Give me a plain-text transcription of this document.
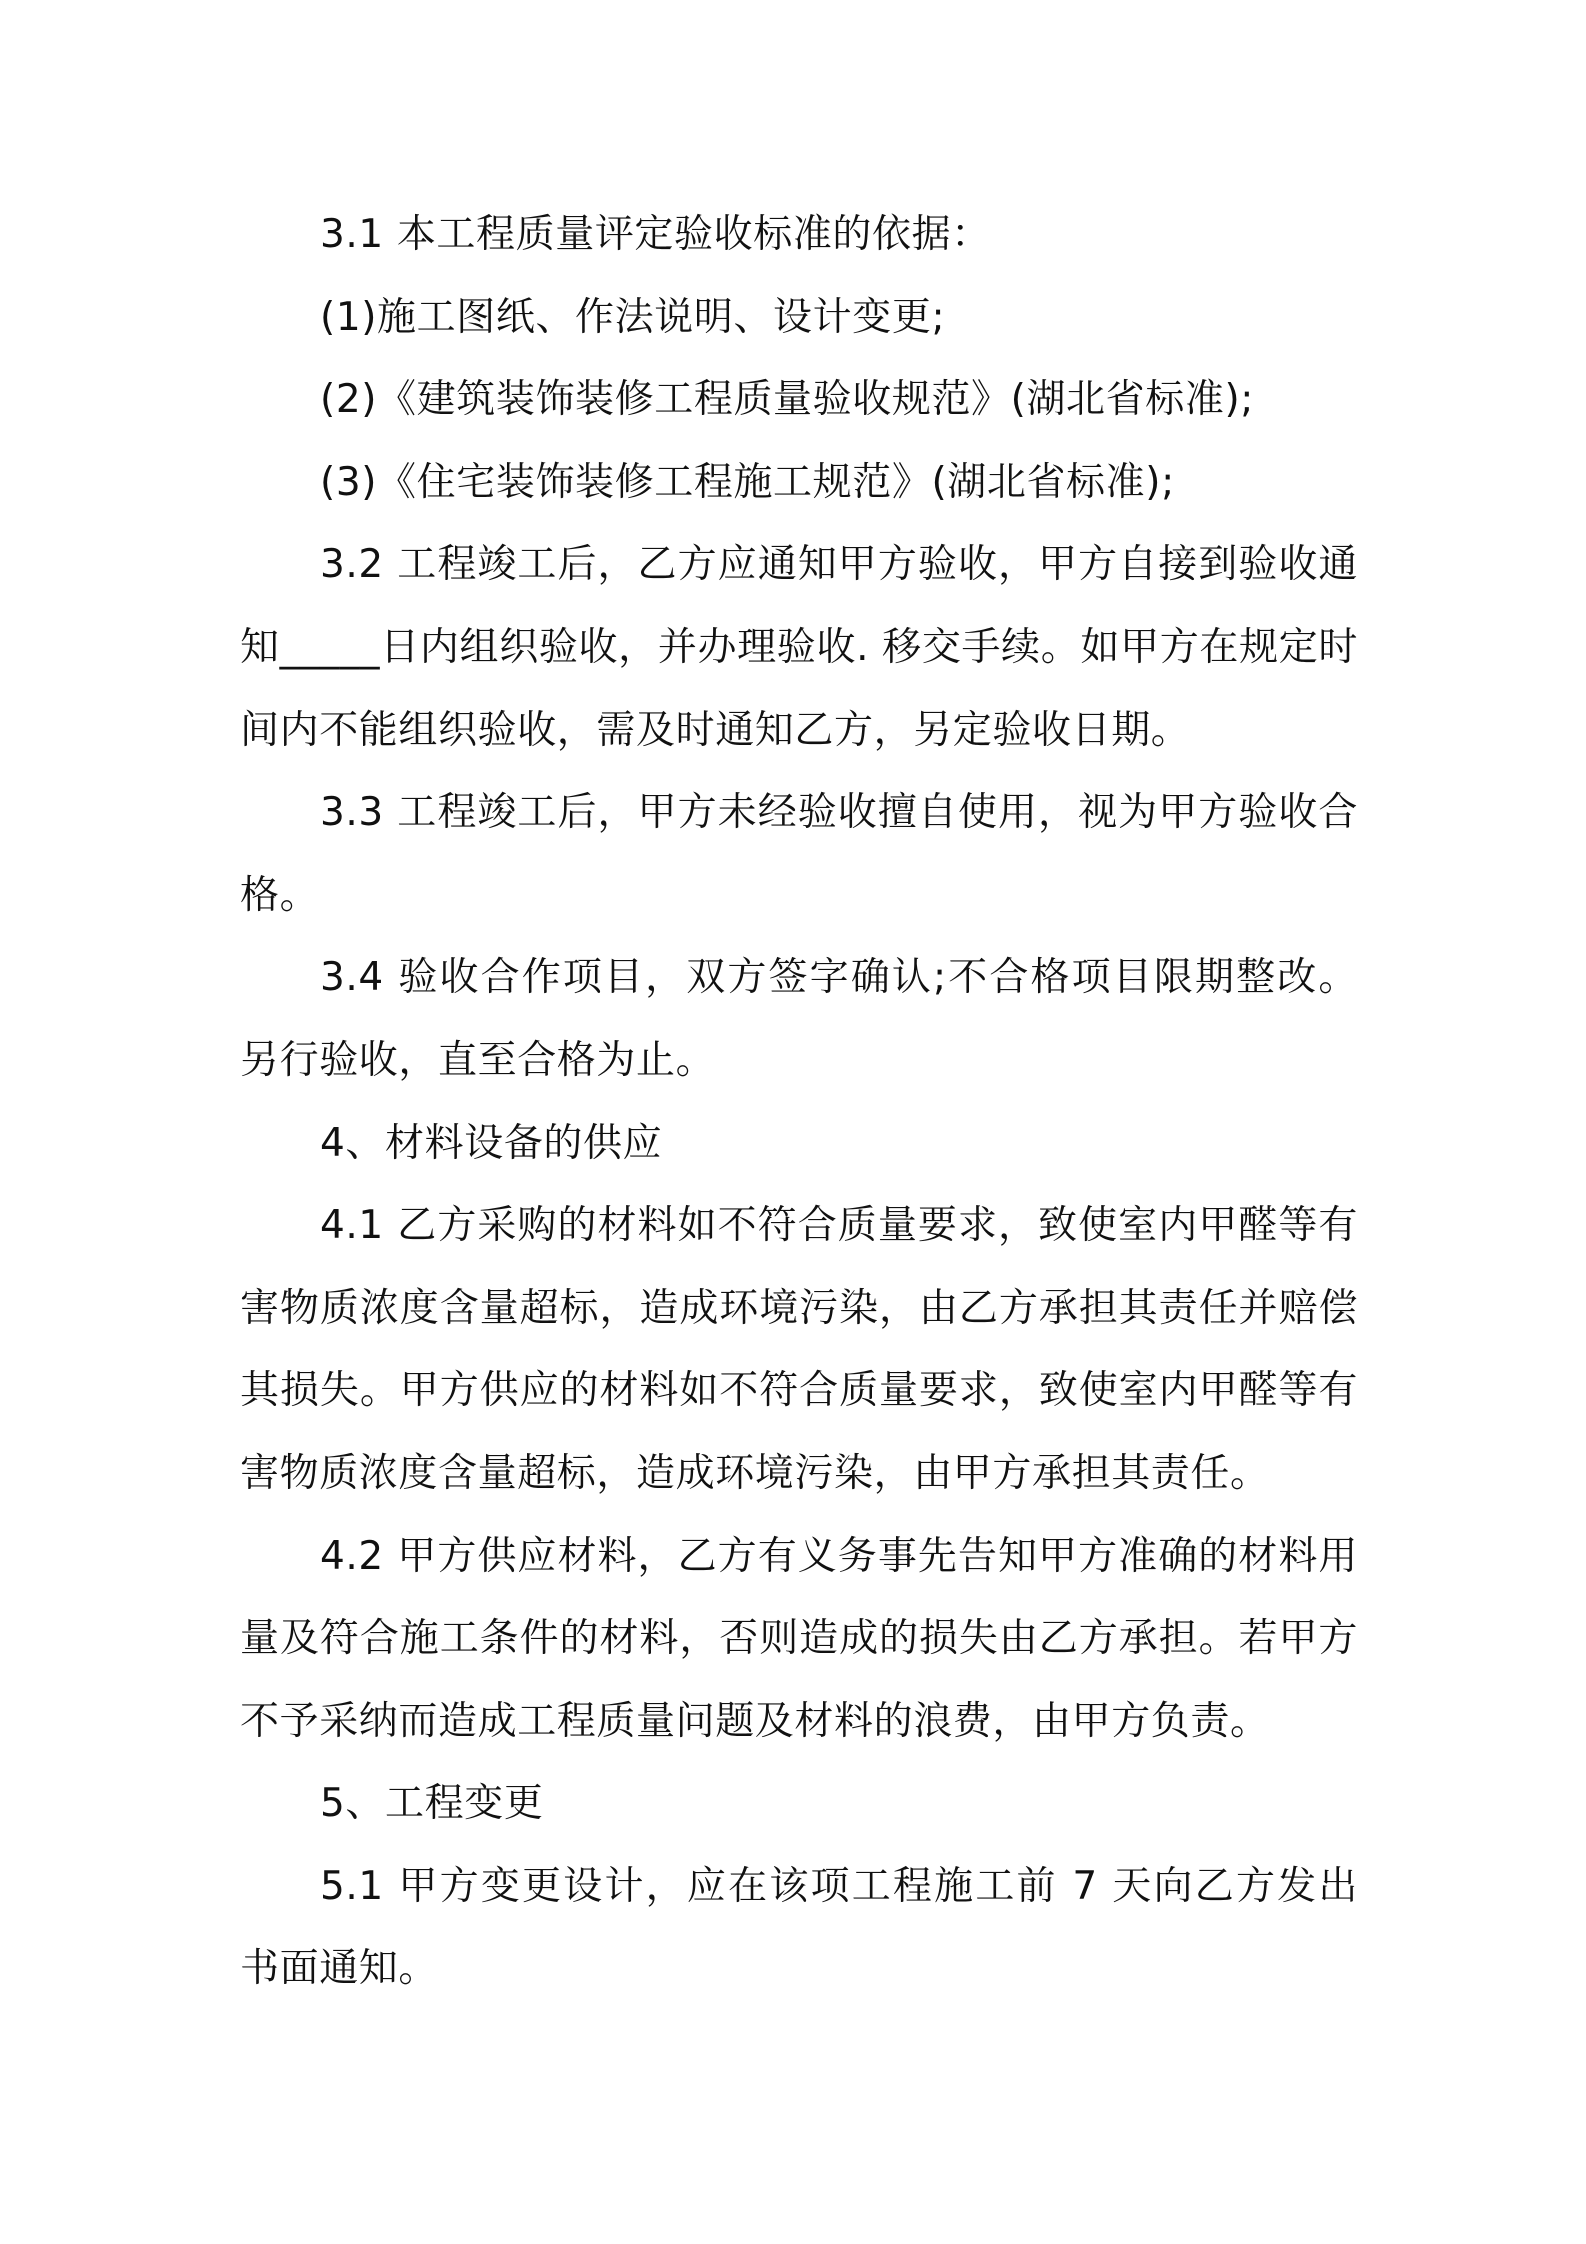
3.1 本工程质量评定验收标准的依据：

(1)施工图纸、作法说明、设计变更;

(2)《建筑装饰装修工程质量验收规范》(湖北省标准);

(3)《住宅装饰装修工程施工规范》(湖北省标准);

3.2 工程竣工后，乙方应通知甲方验收，甲方自接到验收通知_____日内组织验收，并办理验收. 移交手续。如甲方在规定时间内不能组织验收，需及时通知乙方，另定验收日期。

3.3 工程竣工后，甲方未经验收擅自使用，视为甲方验收合格。

3.4 验收合作项目，双方签字确认;不合格项目限期整改。另行验收，直至合格为止。

4、材料设备的供应

4.1 乙方采购的材料如不符合质量要求，致使室内甲醛等有害物质浓度含量超标，造成环境污染，由乙方承担其责任并赔偿其损失。甲方供应的材料如不符合质量要求，致使室内甲醛等有害物质浓度含量超标，造成环境污染，由甲方承担其责任。

4.2 甲方供应材料，乙方有义务事先告知甲方准确的材料用量及符合施工条件的材料，否则造成的损失由乙方承担。若甲方不予采纳而造成工程质量问题及材料的浪费，由甲方负责。

5、工程变更

5.1 甲方变更设计，应在该项工程施工前 7 天向乙方发出书面通知。
